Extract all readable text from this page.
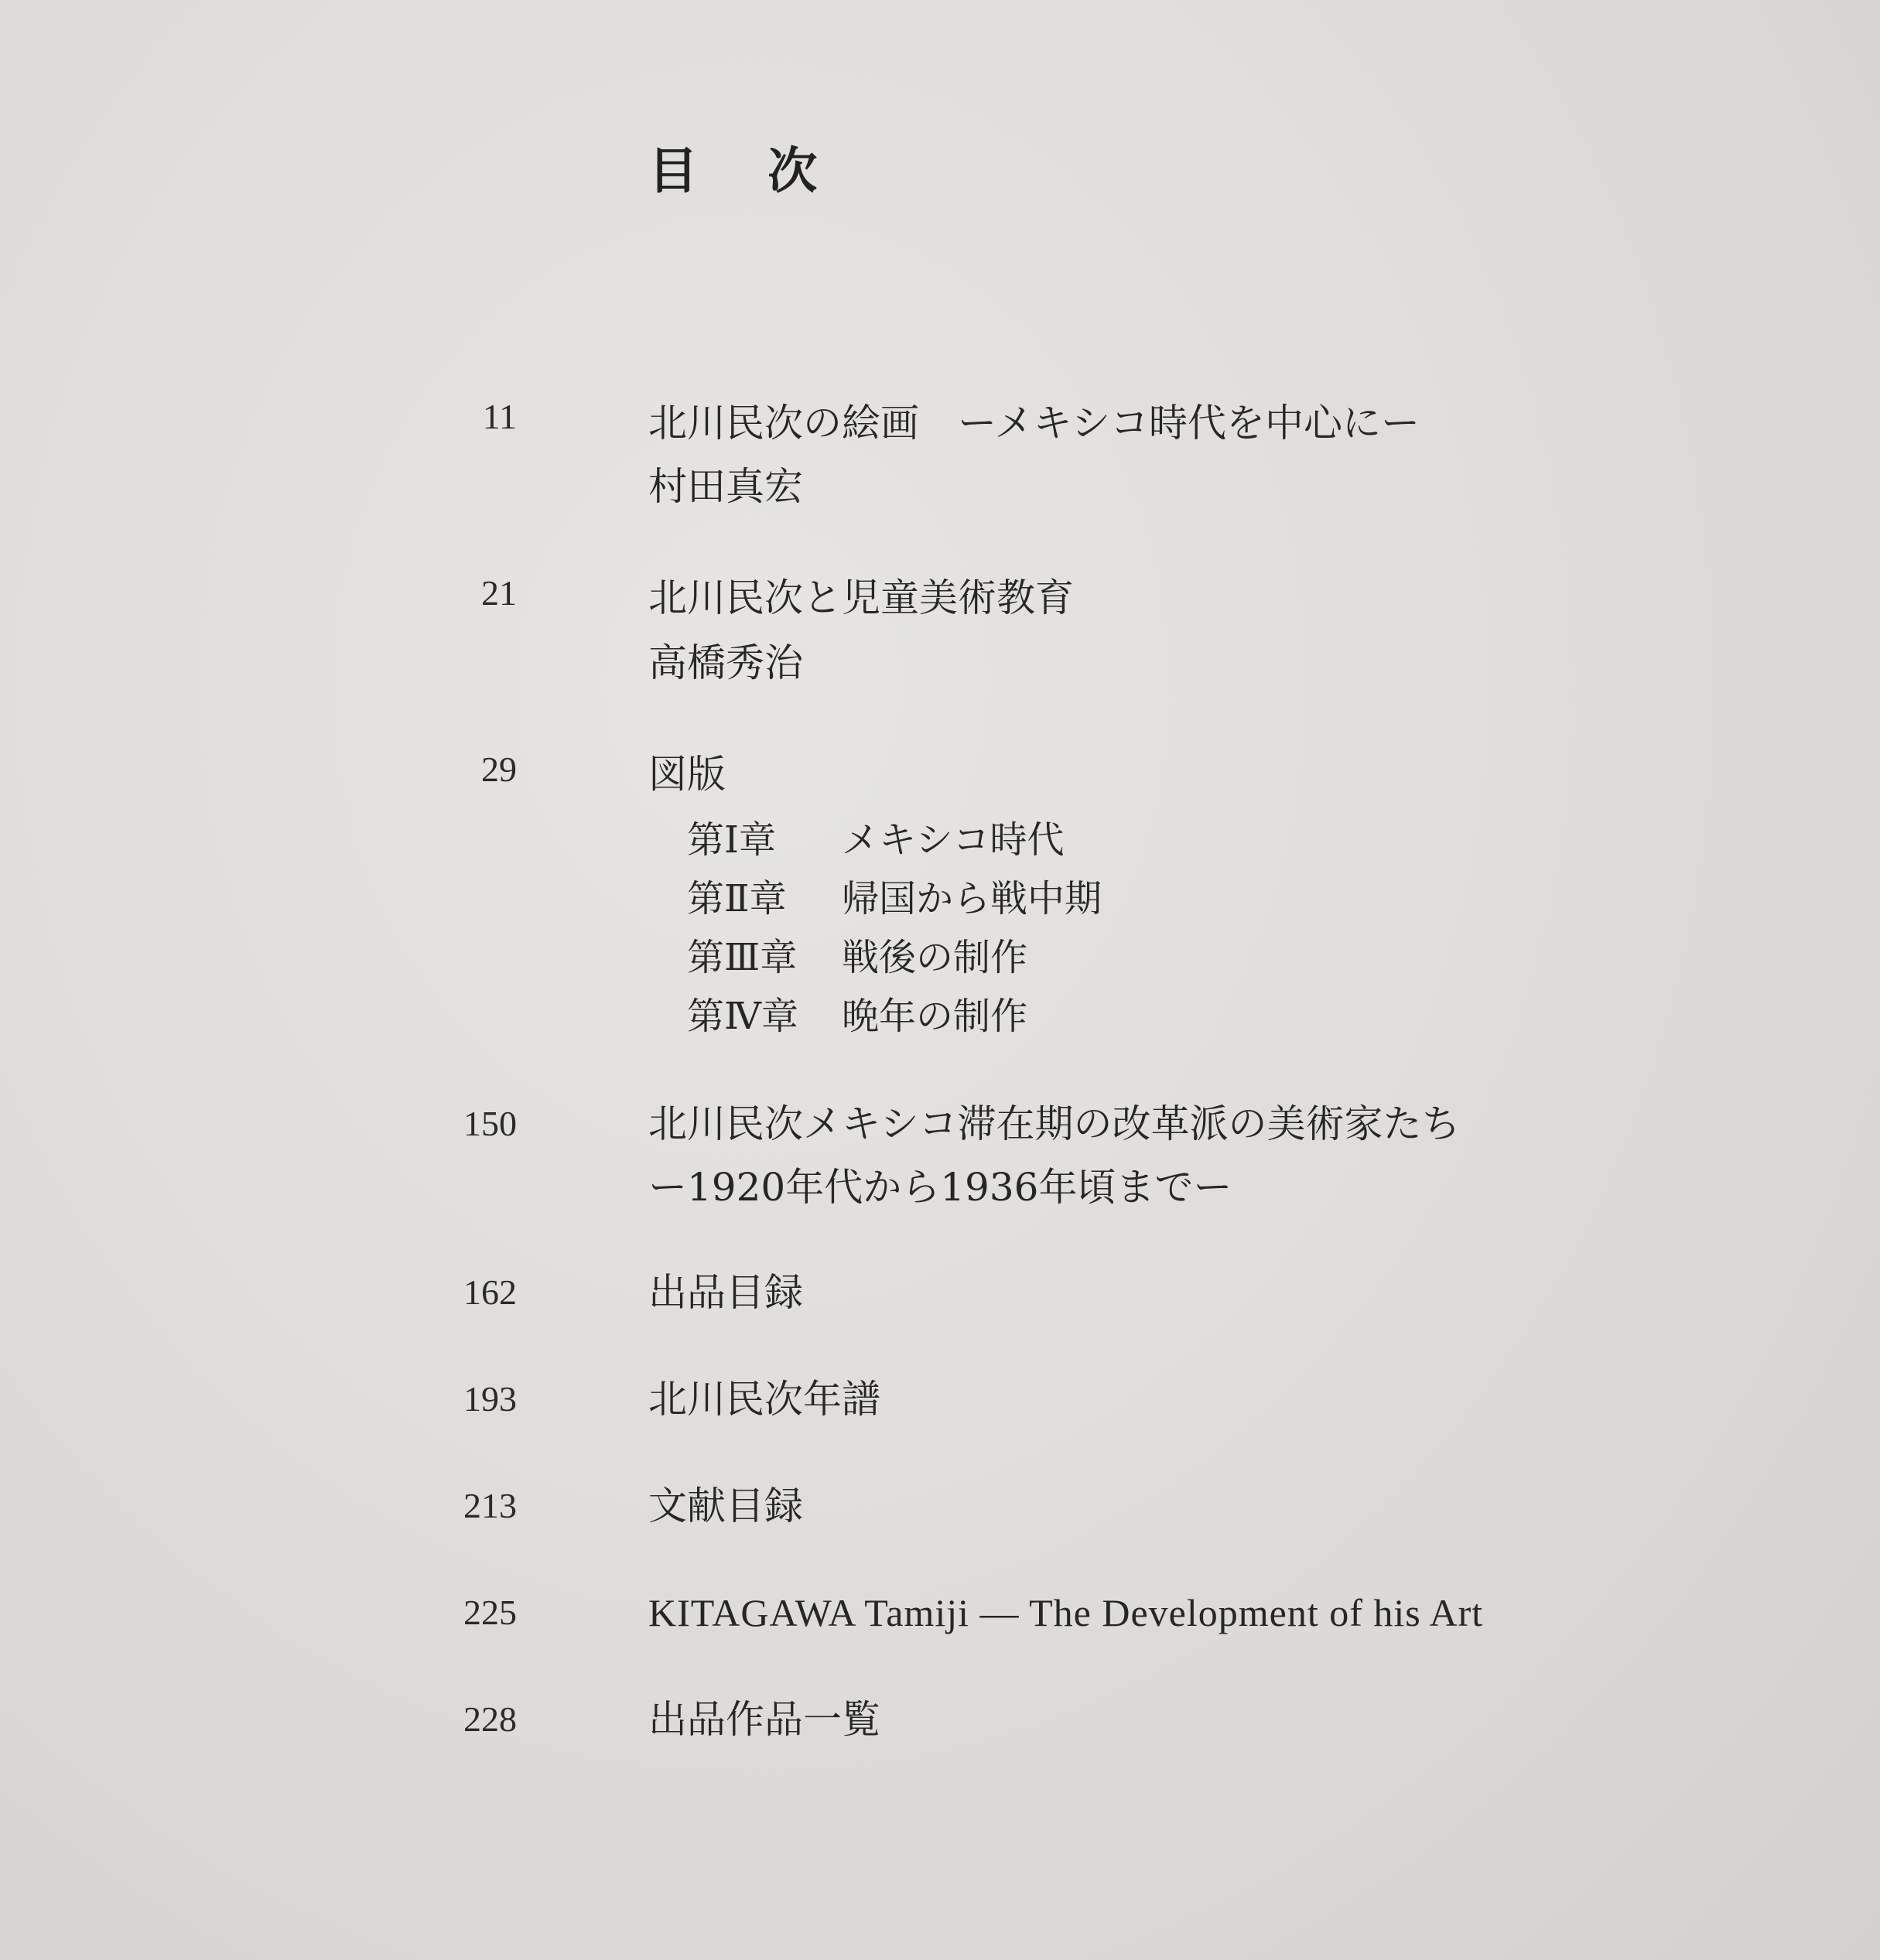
目 次
11	北川民次の絵画　ーメキシコ時代を中心にー
村田真宏
21	北川民次と児童美術教育
高橋秀治
29	図版
第Ⅰ章 メキシコ時代
第Ⅱ章 帰国から戦中期
第Ⅲ章 戦後の制作
第Ⅳ章 晩年の制作
150	北川民次メキシコ滞在期の改革派の美術家たち
ー1920年代から1936年頃までー
162	出品目録
193	北川民次年譜
213	文献目録
225	KITAGAWA Tamiji — The Development of his Art
228	出品作品一覧
